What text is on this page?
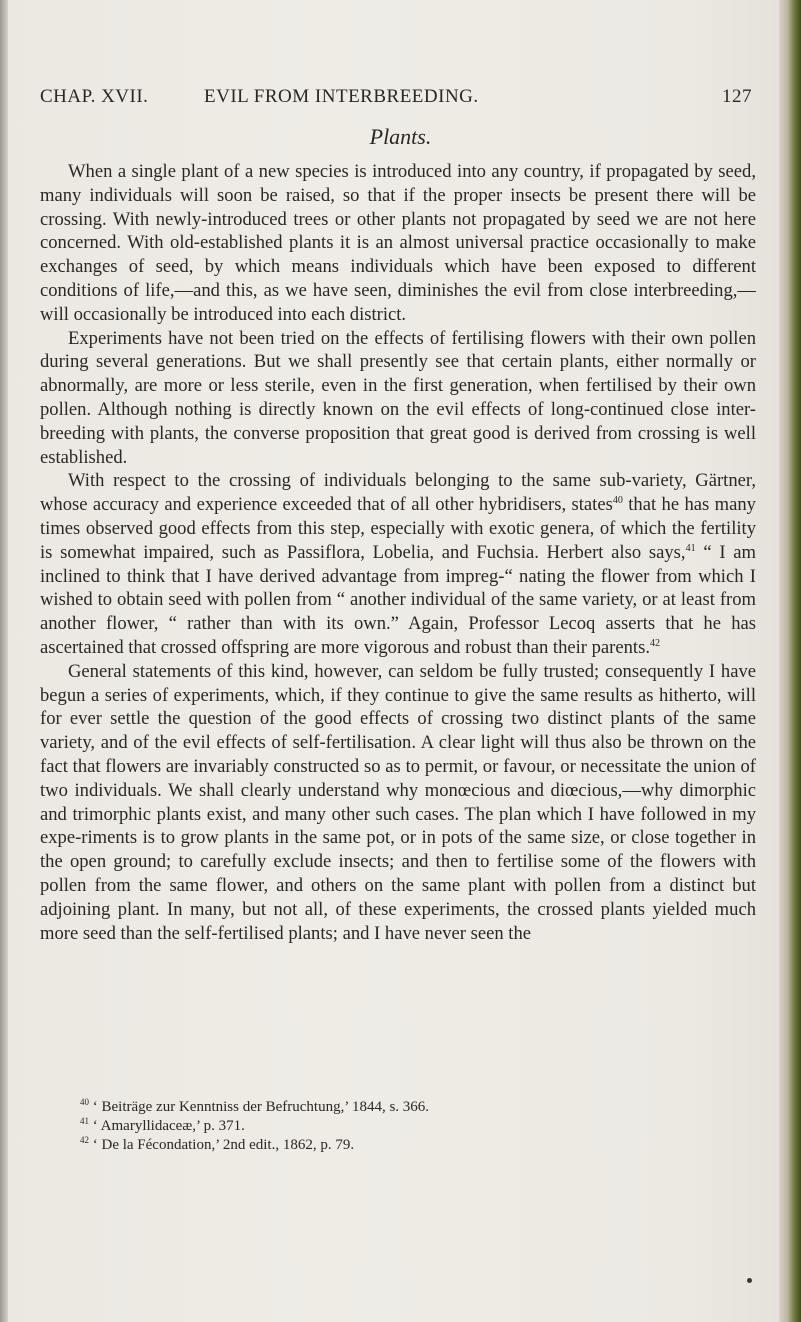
CHAP. XVII.	EVIL FROM INTERBREEDING.	127
Plants.

When a single plant of a new species is introduced into any country, if propagated by seed, many individuals will soon be raised, so that if the proper insects be present there will be crossing. With newly-introduced trees or other plants not propagated by seed we are not here concerned. With old-established plants it is an almost universal practice occasionally to make exchanges of seed, by which means individuals which have been exposed to different conditions of life,—and this, as we have seen, diminishes the evil from close interbreeding,—will occasionally be introduced into each district.

Experiments have not been tried on the effects of fertilising flowers with their own pollen during several generations. But we shall presently see that certain plants, either normally or abnormally, are more or less sterile, even in the first generation, when fertilised by their own pollen. Although nothing is directly known on the evil effects of long-continued close inter-breeding with plants, the converse proposition that great good is derived from crossing is well established.

With respect to the crossing of individuals belonging to the same sub-variety, Gärtner, whose accuracy and experience exceeded that of all other hybridisers, states$^{40}$ that he has many times observed good effects from this step, especially with exotic genera, of which the fertility is somewhat impaired, such as Passiflora, Lobelia, and Fuchsia. Herbert also says,$^{41}$ “ I am inclined to think that I have derived advantage from impreg-“ nating the flower from which I wished to obtain seed with pollen from “ another individual of the same variety, or at least from another flower, “ rather than with its own.” Again, Professor Lecoq asserts that he has ascertained that crossed offspring are more vigorous and robust than their parents.$^{42}$

General statements of this kind, however, can seldom be fully trusted; consequently I have begun a series of experiments, which, if they continue to give the same results as hitherto, will for ever settle the question of the good effects of crossing two distinct plants of the same variety, and of the evil effects of self-fertilisation. A clear light will thus also be thrown on the fact that flowers are invariably constructed so as to permit, or favour, or necessitate the union of two individuals. We shall clearly understand why monœcious and diœcious,—why dimorphic and trimorphic plants exist, and many other such cases. The plan which I have followed in my expe-riments is to grow plants in the same pot, or in pots of the same size, or close together in the open ground; to carefully exclude insects; and then to fertilise some of the flowers with pollen from the same flower, and others on the same plant with pollen from a distinct but adjoining plant. In many, but not all, of these experiments, the crossed plants yielded much more seed than the self-fertilised plants; and I have never seen the

$^{40}$ ‘ Beiträge zur Kenntniss der Befruchtung,’ 1844, s. 366.
$^{41}$ ‘ Amaryllidaceæ,’ p. 371.
$^{42}$ ‘ De la Fécondation,’ 2nd edit., 1862, p. 79.
